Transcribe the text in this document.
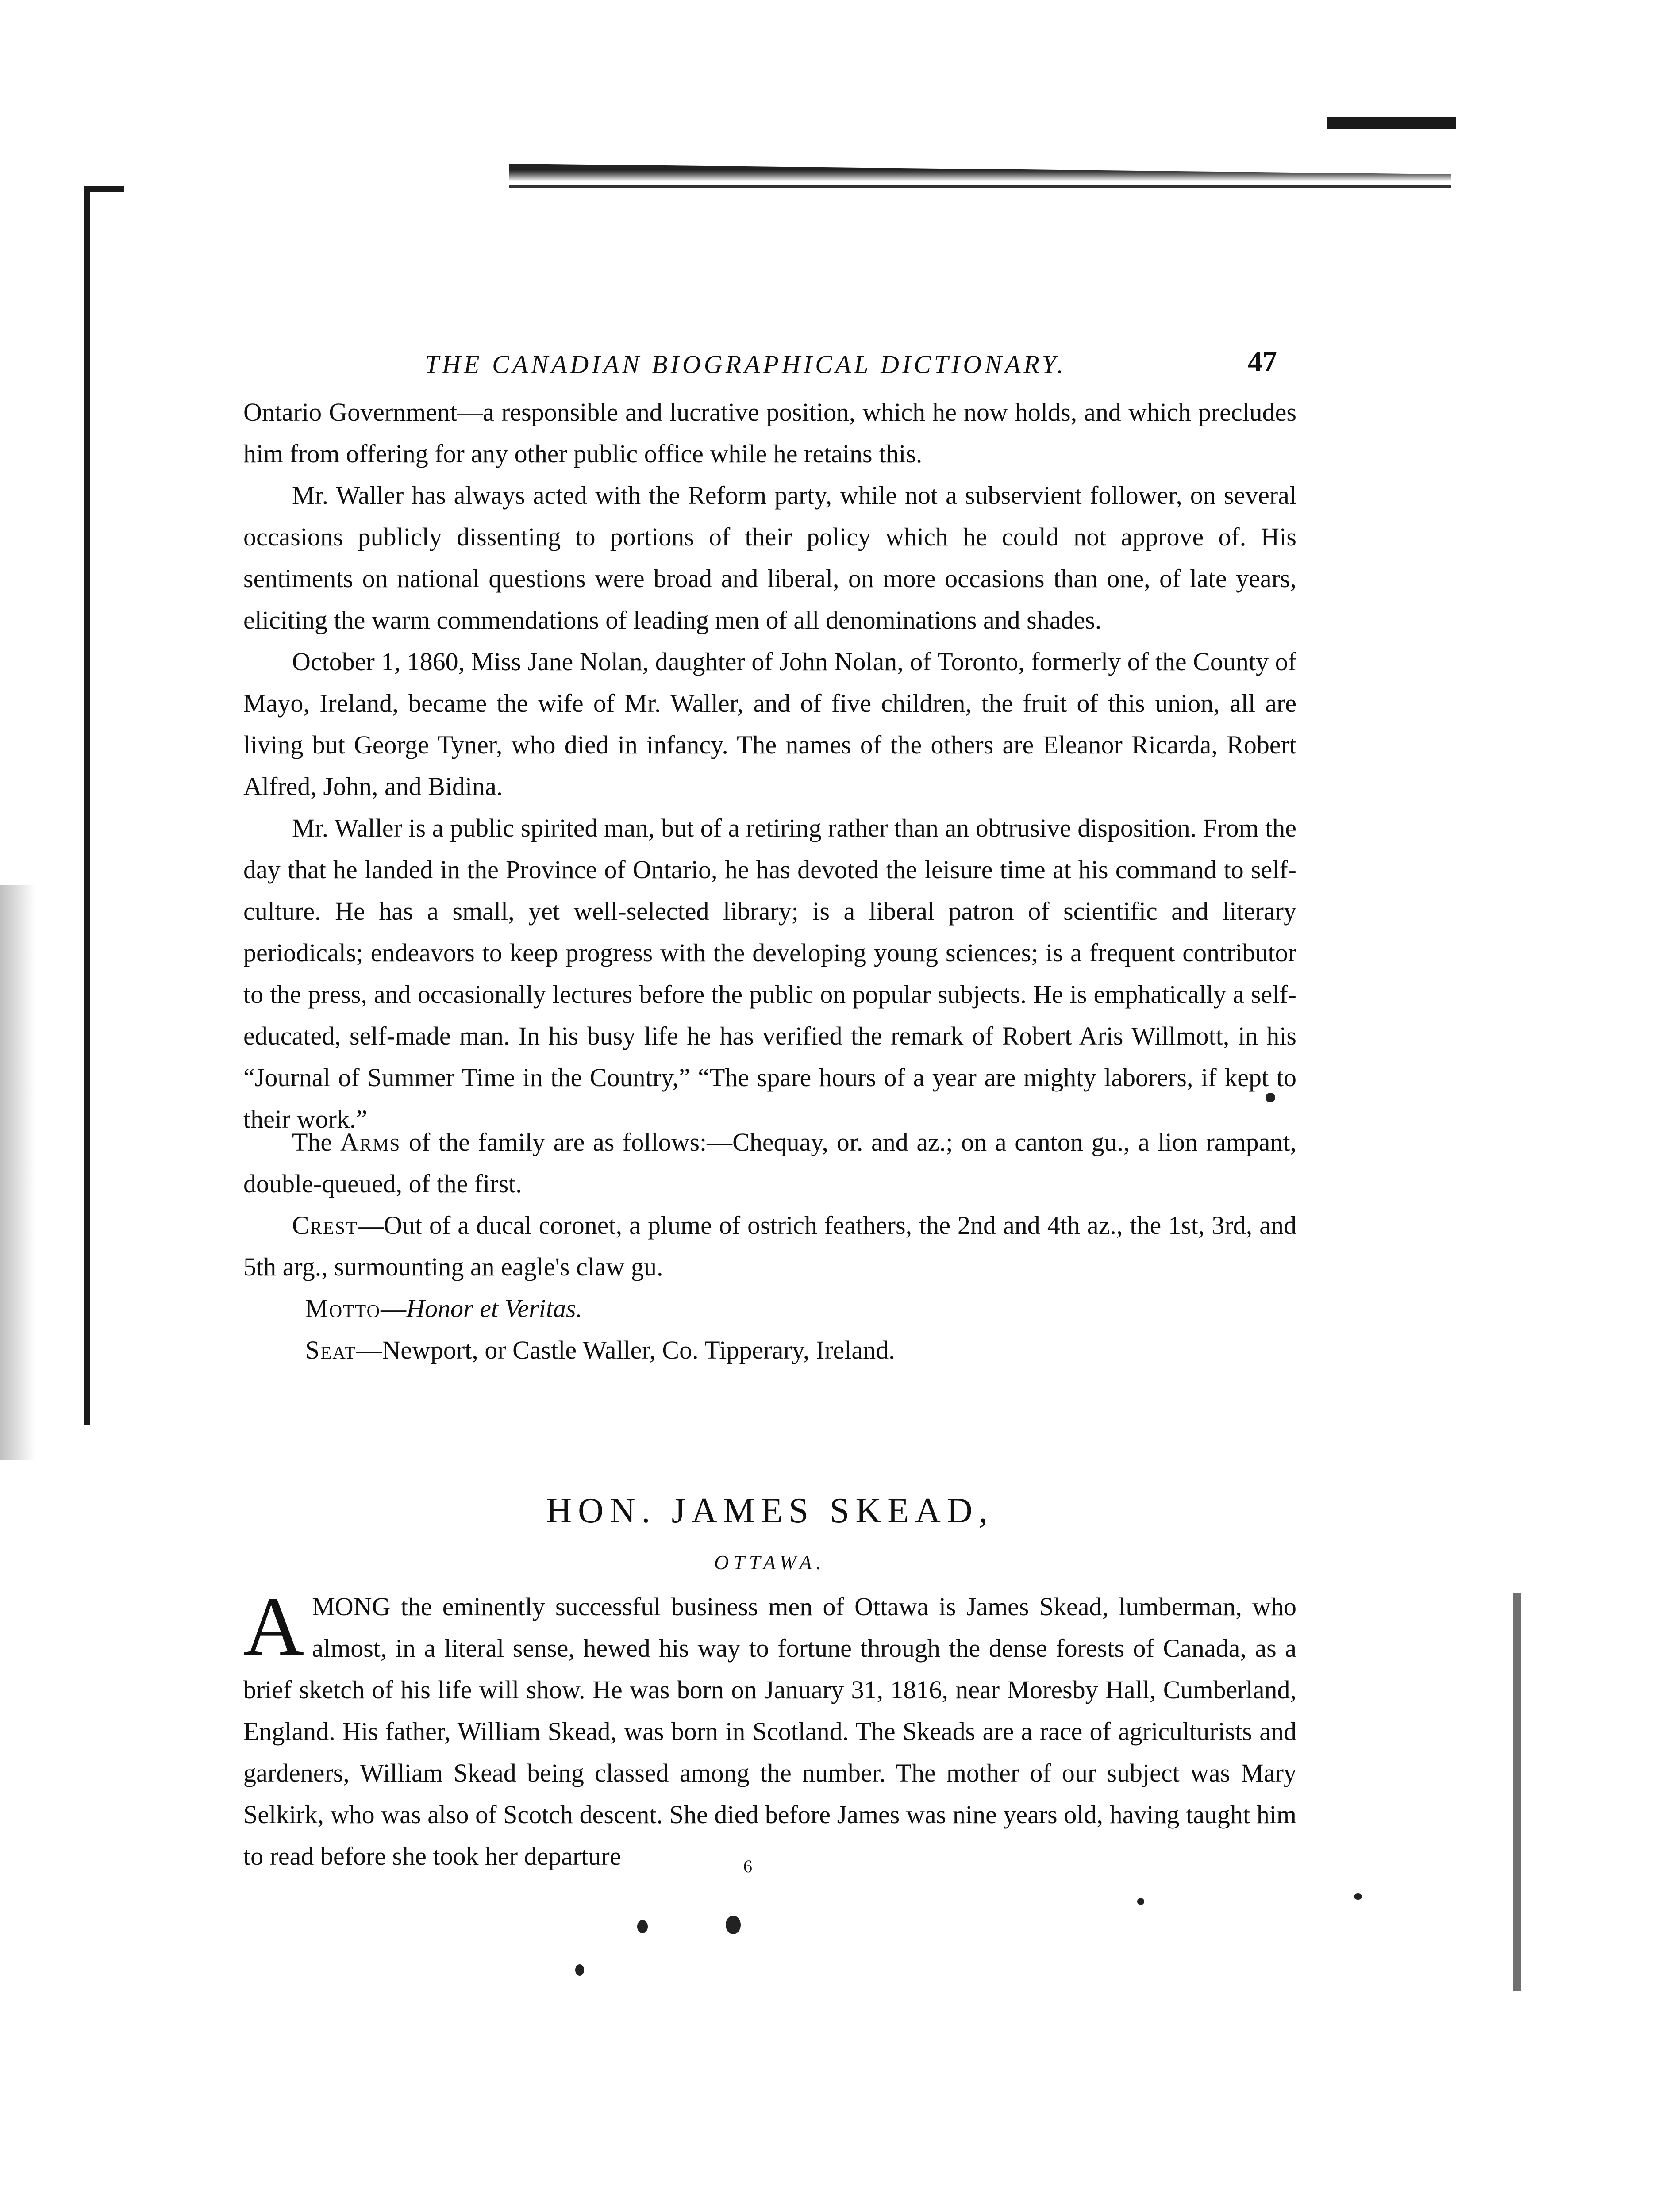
THE CANADIAN BIOGRAPHICAL DICTIONARY.	47

Ontario Government—a responsible and lucrative position, which he now holds, and which precludes him from offering for any other public office while he retains this.

Mr. Waller has always acted with the Reform party, while not a subservient follower, on several occasions publicly dissenting to portions of their policy which he could not approve of. His sentiments on national questions were broad and liberal, on more occasions than one, of late years, eliciting the warm commendations of leading men of all denominations and shades.

October 1, 1860, Miss Jane Nolan, daughter of John Nolan, of Toronto, formerly of the County of Mayo, Ireland, became the wife of Mr. Waller, and of five children, the fruit of this union, all are living but George Tyner, who died in infancy. The names of the others are Eleanor Ricarda, Robert Alfred, John, and Bidina.

Mr. Waller is a public spirited man, but of a retiring rather than an obtrusive disposition. From the day that he landed in the Province of Ontario, he has devoted the leisure time at his command to self-culture. He has a small, yet well-selected library; is a liberal patron of scientific and literary periodicals; endeavors to keep progress with the developing young sciences; is a frequent contributor to the press, and occasionally lectures before the public on popular subjects. He is emphatically a self-educated, self-made man. In his busy life he has verified the remark of Robert Aris Willmott, in his “Journal of Summer Time in the Country,” “The spare hours of a year are mighty laborers, if kept to their work.”

The Arms of the family are as follows:—Chequay, or. and az.; on a canton gu., a lion rampant, double-queued, of the first.

Crest—Out of a ducal coronet, a plume of ostrich feathers, the 2nd and 4th az., the 1st, 3rd, and 5th arg., surmounting an eagle's claw gu.

Motto—Honor et Veritas.

Seat—Newport, or Castle Waller, Co. Tipperary, Ireland.

HON. JAMES SKEAD,
OTTAWA.

AMONG the eminently successful business men of Ottawa is James Skead, lumberman, who almost, in a literal sense, hewed his way to fortune through the dense forests of Canada, as a brief sketch of his life will show. He was born on January 31, 1816, near Moresby Hall, Cumberland, England. His father, William Skead, was born in Scotland. The Skeads are a race of agriculturists and gardeners, William Skead being classed among the number. The mother of our subject was Mary Selkirk, who was also of Scotch descent. She died before James was nine years old, having taught him to read before she took her departure	6
